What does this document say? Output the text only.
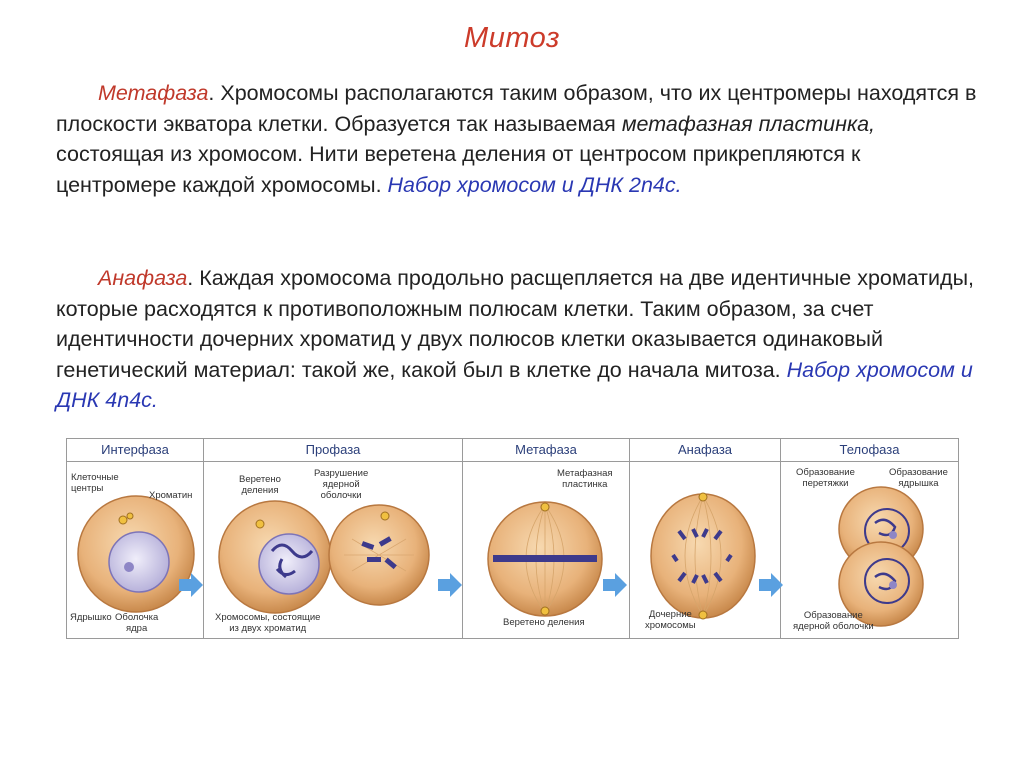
Митоз
Метафаза. Хромосомы располагаются таким образом, что их центромеры находятся в плоскости экватора клетки. Образуется так называемая метафазная пластинка, состоящая из хромосом. Нити веретена деления от центросом прикрепляются к центромере каждой хромосомы. Набор хромосом и ДНК 2n4c.
Анафаза. Каждая хромосома продольно расщепляется на две идентичные хроматиды, которые расходятся к противоположным полюсам клетки. Таким образом, за счет идентичности дочерних хроматид у двух полюсов клетки оказывается одинаковый генетический материал: такой же, какой был в клетке до начала митоза. Набор хромосом и ДНК 4n4c.
Интерфаза	Профаза	Метафаза	Анафаза	Телофаза
Клеточные
центры
Хроматин
Ядрышко Оболочка
ядра
Веретено
деления
Разрушение
ядерной
оболочки
Хромосомы, состоящие
из двух хроматид
Метафазная
пластинка
Веретено деления
Дочерние
хромосомы
Образование
перетяжки
Образование
ядрышка
Образование
ядерной оболочки
